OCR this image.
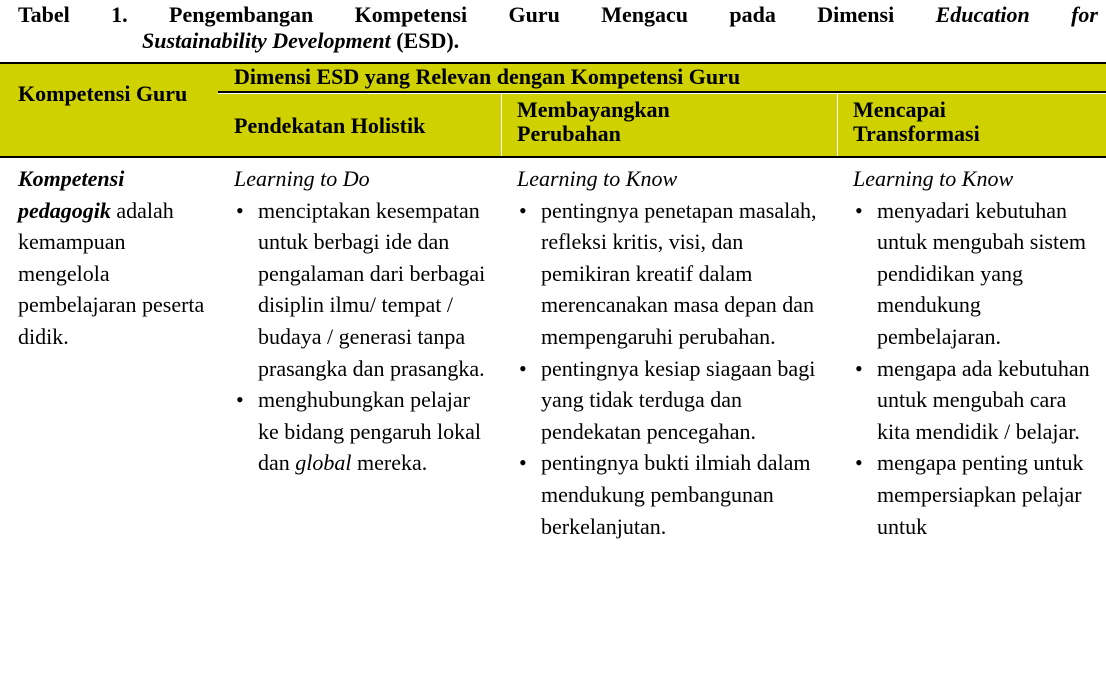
Tabel 1. Pengembangan Kompetensi Guru Mengacu pada Dimensi Education for
Sustainability Development (ESD).
Kompetensi Guru
Dimensi ESD yang Relevan dengan Kompetensi Guru
Pendekatan Holistik
Membayangkan Perubahan
Mencapai Transformasi
Kompetensi pedagogik adalah kemampuan mengelola pembelajaran peserta didik.
Learning to Do
• menciptakan kesempatan untuk berbagi ide dan pengalaman dari berbagai disiplin ilmu/ tempat / budaya / generasi tanpa prasangka dan prasangka.
• menghubungkan pelajar ke bidang pengaruh lokal dan global mereka.
Learning to Know
• pentingnya penetapan masalah, refleksi kritis, visi, dan pemikiran kreatif dalam merencanakan masa depan dan mempengaruhi perubahan.
• pentingnya kesiap siagaan bagi yang tidak terduga dan pendekatan pencegahan.
• pentingnya bukti ilmiah dalam mendukung pembangunan berkelanjutan.
Learning to Know
• menyadari kebutuhan untuk mengubah sistem pendidikan yang mendukung pembelajaran.
• mengapa ada kebutuhan untuk mengubah cara kita mendidik / belajar.
• mengapa penting untuk mempersiapkan pelajar untuk
